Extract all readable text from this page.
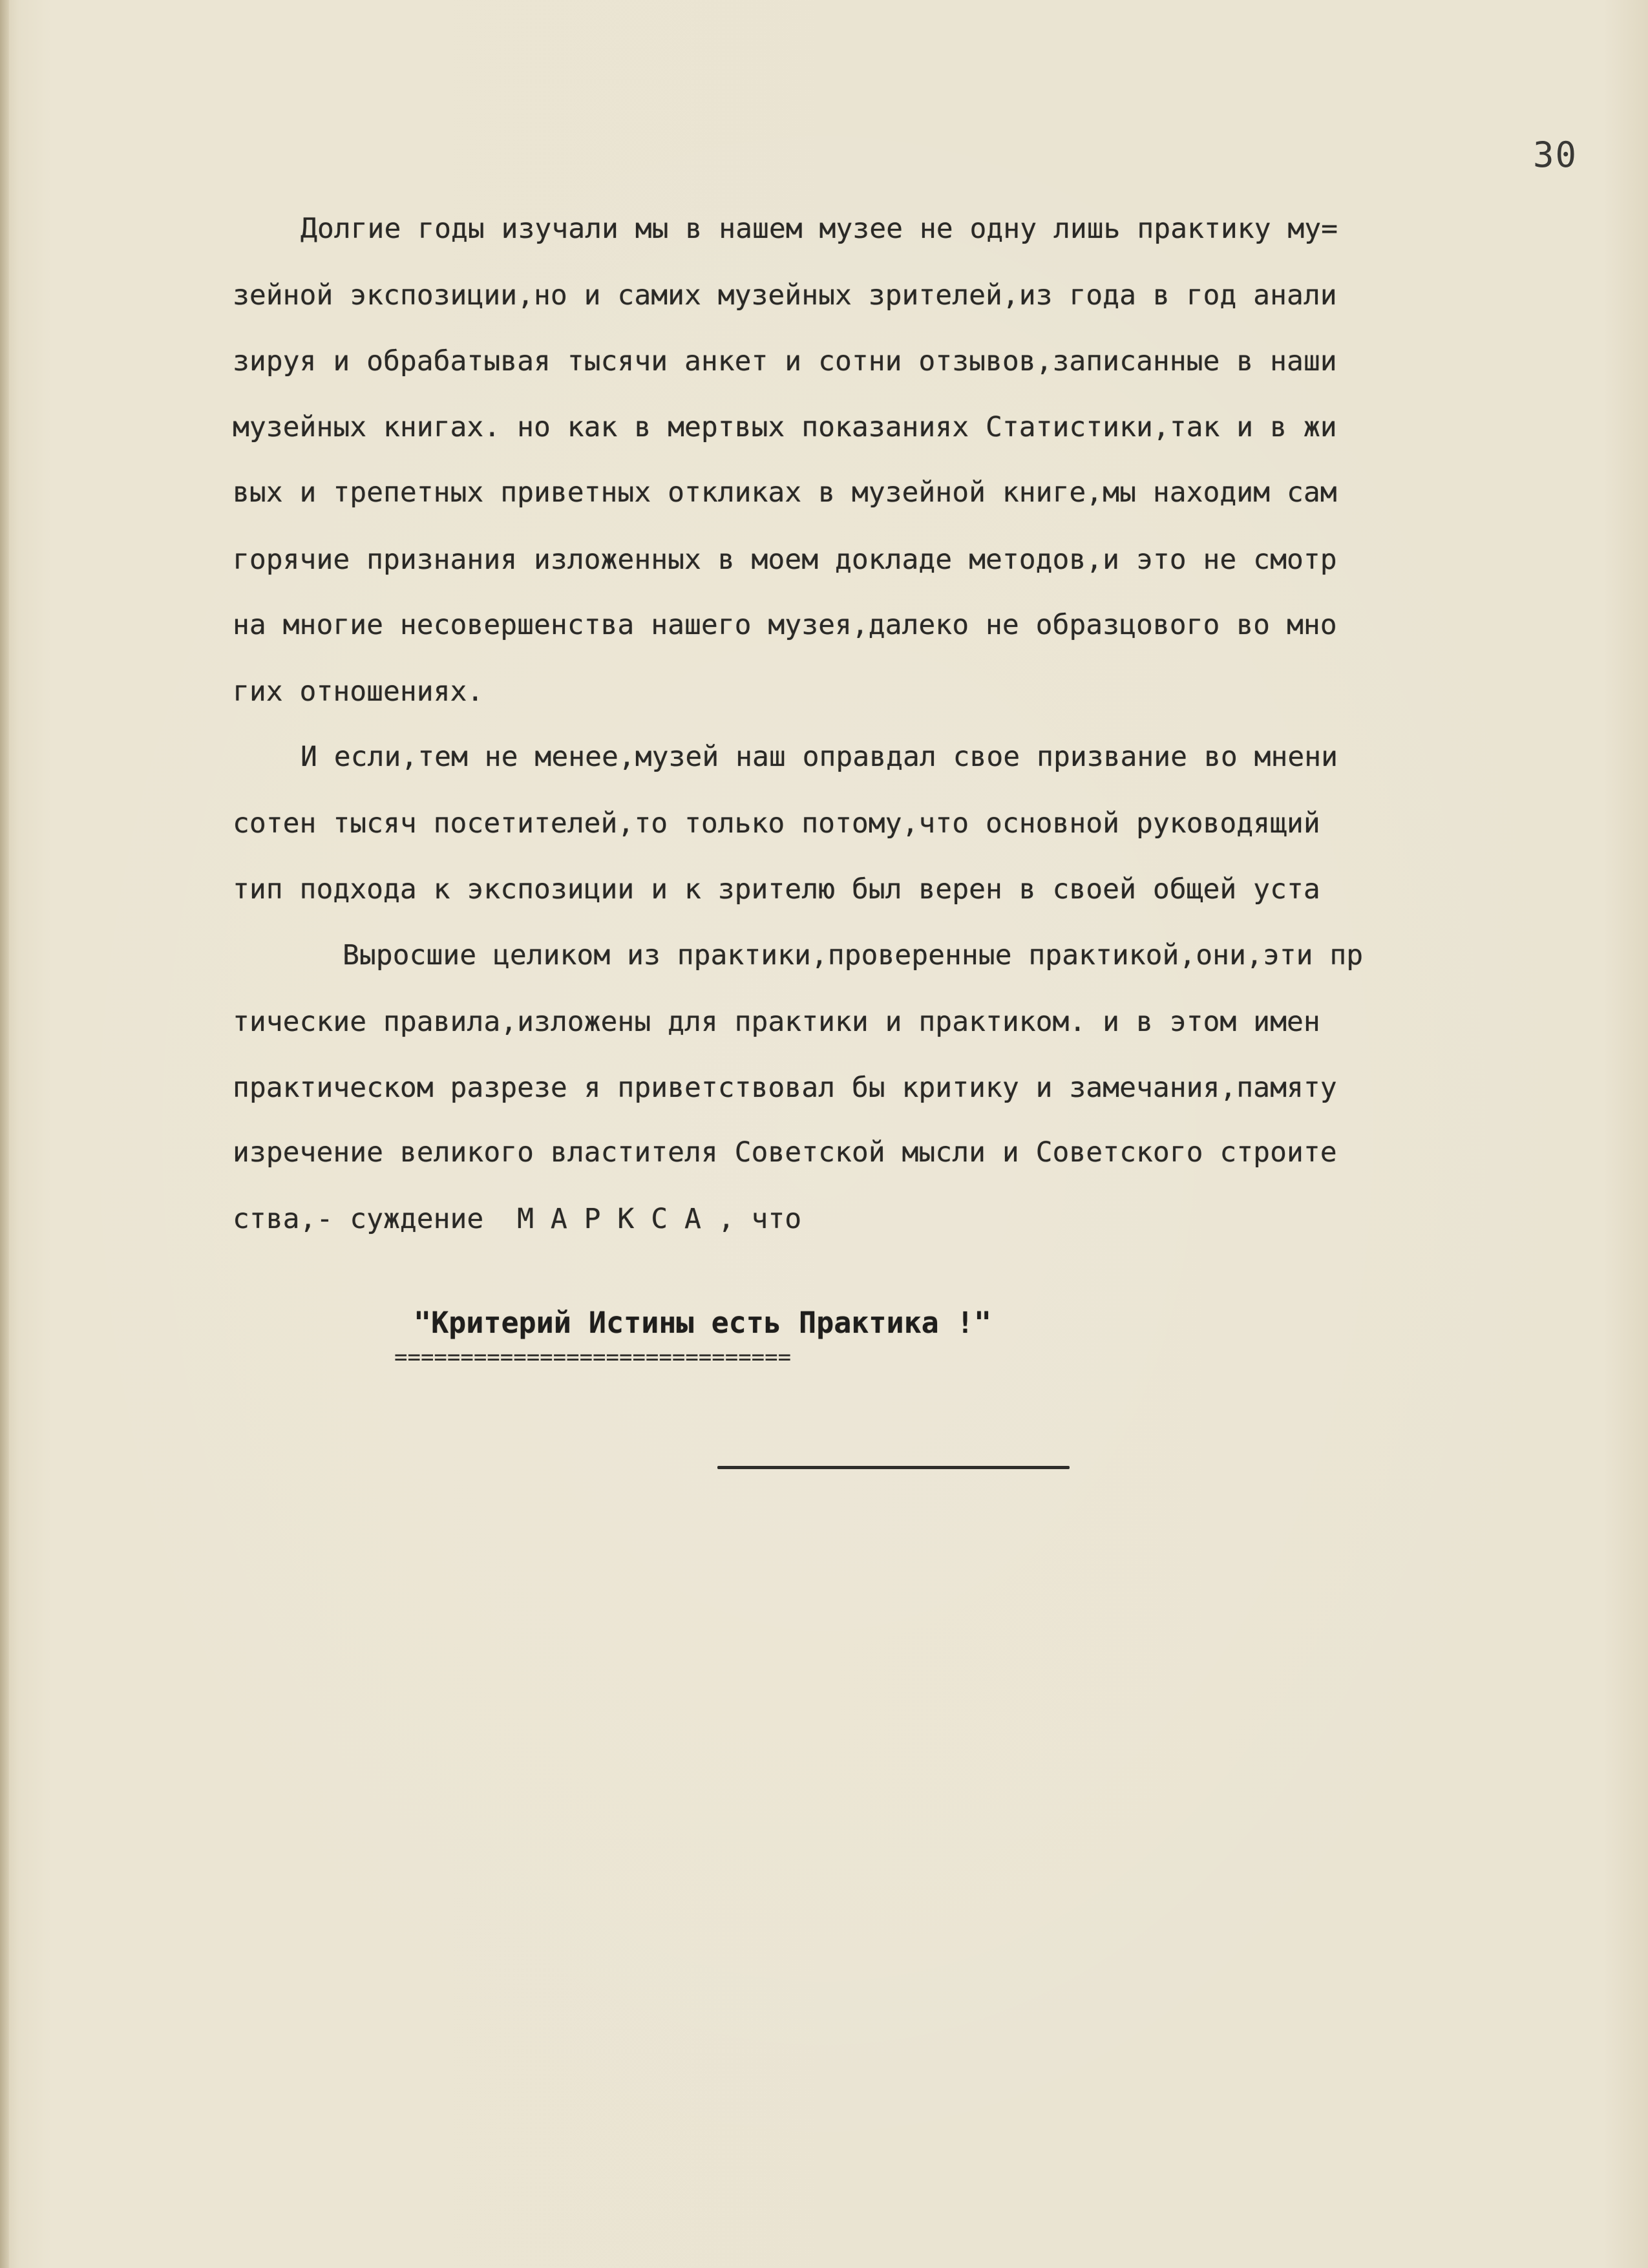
30
Долгие годы изучали мы в нашем музее не одну лишь практику му=
зейной экспозиции,но и самих музейных зрителей,из года в год анали
зируя и обрабатывая тысячи анкет и сотни отзывов,записанные в наши
музейных книгах. но как в мертвых показаниях Статистики,так и в жи
вых и трепетных приветных откликах в музейной книге,мы находим сам
горячие признания изложенных в моем докладе методов,и это не смотр
на многие несовершенства нашего музея,далеко не образцового во мно
гих отношениях.
И если,тем не менее,музей наш оправдал свое призвание во мнени
сотен тысяч посетителей,то только потому,что основной руководящий
тип подхода к экспозиции и к зрителю был верен в своей общей уста
Выросшие целиком из практики,проверенные практикой,они,эти пр
тические правила,изложены для практики и практиком. и в этом имен
практическом разрезе я приветствовал бы критику и замечания,памяту
изречение великого властителя Советской мысли и Советского строите
ства,- суждение  М А Р К С А , что
"Критерий Истины есть Практика !"
==============================
